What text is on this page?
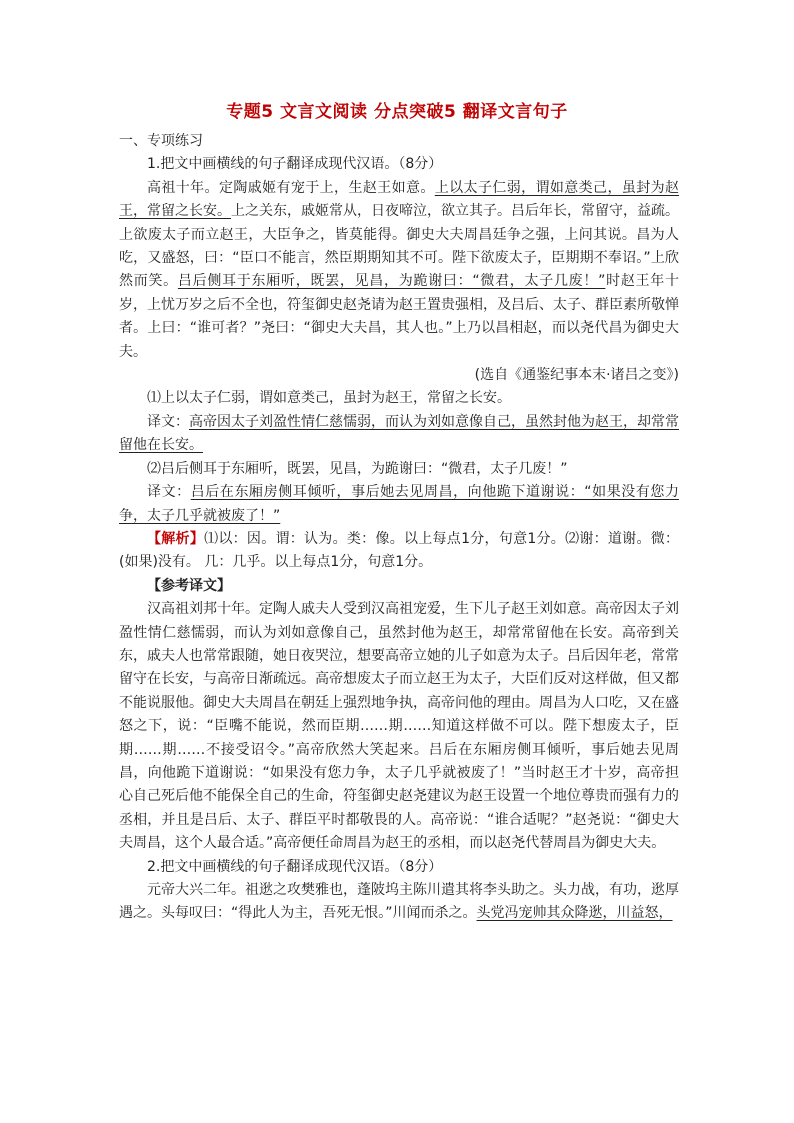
专题5 文言文阅读 分点突破5 翻译文言句子

一、专项练习

1.把文中画横线的句子翻译成现代汉语。（8分）

高祖十年。定陶戚姬有宠于上，生赵王如意。上以太子仁弱，谓如意类己，虽封为赵王，常留之长安。上之关东，戚姬常从，日夜啼泣，欲立其子。吕后年长，常留守，益疏。上欲废太子而立赵王，大臣争之，皆莫能得。御史大夫周昌廷争之强，上问其说。昌为人吃，又盛怒，曰：“臣口不能言，然臣期期知其不可。陛下欲废太子，臣期期不奉诏。”上欣然而笑。吕后侧耳于东厢听，既罢，见昌，为跪谢曰：“微君，太子几废！”时赵王年十岁，上忧万岁之后不全也，符玺御史赵尧请为赵王置贵强相，及吕后、太子、群臣素所敬惮者。上曰：“谁可者？”尧曰：“御史大夫昌，其人也。”上乃以昌相赵，而以尧代昌为御史大夫。

(选自《通鉴纪事本末·诸吕之变》)

⑴上以太子仁弱，谓如意类己，虽封为赵王，常留之长安。

译文：高帝因太子刘盈性情仁慈懦弱，而认为刘如意像自己，虽然封他为赵王，却常常留他在长安。

⑵吕后侧耳于东厢听，既罢，见昌，为跪谢曰：“微君，太子几废！”

译文：吕后在东厢房侧耳倾听，事后她去见周昌，向他跪下道谢说：“如果没有您力争，太子几乎就被废了！”

【解析】⑴以：因。谓：认为。类：像。以上每点1分，句意1分。⑵谢：道谢。微：(如果)没有。 几：几乎。以上每点1分，句意1分。

【参考译文】

汉高祖刘邦十年。定陶人戚夫人受到汉高祖宠爱，生下儿子赵王刘如意。高帝因太子刘盈性情仁慈懦弱，而认为刘如意像自己，虽然封他为赵王，却常常留他在长安。高帝到关东，戚夫人也常常跟随，她日夜哭泣，想要高帝立她的儿子如意为太子。吕后因年老，常常留守在长安，与高帝日渐疏远。高帝想废太子而立赵王为太子，大臣们反对这样做，但又都不能说服他。御史大夫周昌在朝廷上强烈地争执，高帝问他的理由。周昌为人口吃，又在盛怒之下，说：“臣嘴不能说，然而臣期……期……知道这样做不可以。陛下想废太子，臣期……期……不接受诏令。”高帝欣然大笑起来。吕后在东厢房侧耳倾听，事后她去见周昌，向他跪下道谢说：“如果没有您力争，太子几乎就被废了！”当时赵王才十岁，高帝担心自己死后他不能保全自己的生命，符玺御史赵尧建议为赵王设置一个地位尊贵而强有力的丞相，并且是吕后、太子、群臣平时都敬畏的人。高帝说：“谁合适呢？”赵尧说：“御史大夫周昌，这个人最合适。”高帝便任命周昌为赵王的丞相，而以赵尧代替周昌为御史大夫。

2.把文中画横线的句子翻译成现代汉语。（8分）

元帝大兴二年。祖逖之攻樊雅也，蓬陂坞主陈川遣其将李头助之。头力战，有功，逖厚遇之。头每叹曰：“得此人为主，吾死无恨。”川闻而杀之。头党冯宠帅其众降逖，川益怒，
